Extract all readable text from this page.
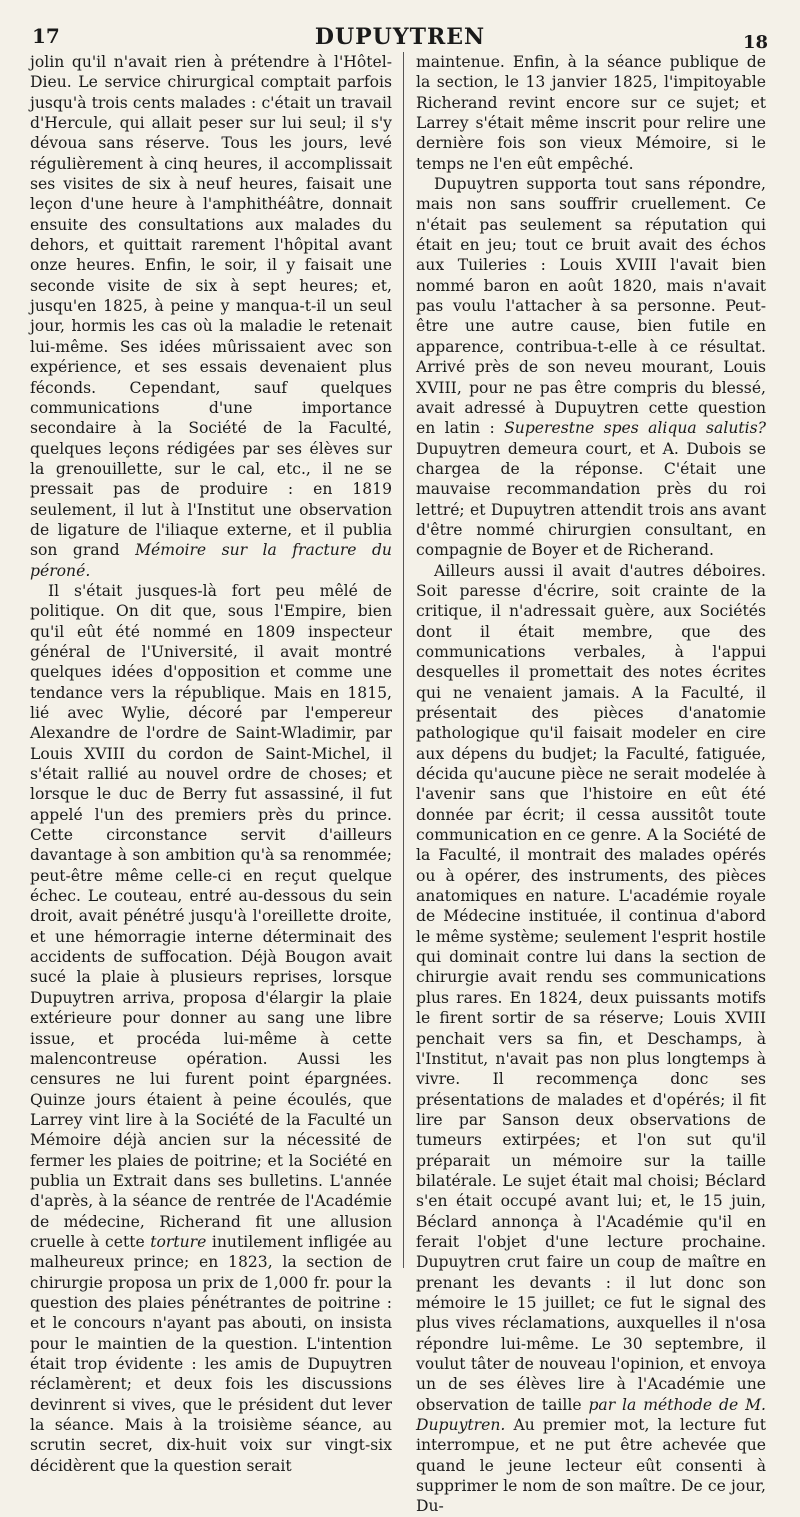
17	DUPUYTREN	18

jolin qu'il n'avait rien à prétendre à l'Hôtel-Dieu. Le service chirurgical comptait parfois jusqu'à trois cents malades : c'était un travail d'Hercule, qui allait peser sur lui seul; il s'y dévoua sans réserve. Tous les jours, levé régulièrement à cinq heures, il accomplissait ses visites de six à neuf heures, faisait une leçon d'une heure à l'amphithéâtre, donnait ensuite des consultations aux malades du dehors, et quittait rarement l'hôpital avant onze heures. Enfin, le soir, il y faisait une seconde visite de six à sept heures; et, jusqu'en 1825, à peine y manqua-t-il un seul jour, hormis les cas où la maladie le retenait lui-même. Ses idées mûrissaient avec son expérience, et ses essais devenaient plus féconds. Cependant, sauf quelques communications d'une importance secondaire à la Société de la Faculté, quelques leçons rédigées par ses élèves sur la grenouillette, sur le cal, etc., il ne se pressait pas de produire : en 1819 seulement, il lut à l'Institut une observation de ligature de l'iliaque externe, et il publia son grand Mémoire sur la fracture du péroné.

Il s'était jusques-là fort peu mêlé de politique. On dit que, sous l'Empire, bien qu'il eût été nommé en 1809 inspecteur général de l'Université, il avait montré quelques idées d'opposition et comme une tendance vers la république. Mais en 1815, lié avec Wylie, décoré par l'empereur Alexandre de l'ordre de Saint-Wladimir, par Louis XVIII du cordon de Saint-Michel, il s'était rallié au nouvel ordre de choses; et lorsque le duc de Berry fut assassiné, il fut appelé l'un des premiers près du prince. Cette circonstance servit d'ailleurs davantage à son ambition qu'à sa renommée; peut-être même celle-ci en reçut quelque échec. Le couteau, entré au-dessous du sein droit, avait pénétré jusqu'à l'oreillette droite, et une hémorragie interne déterminait des accidents de suffocation. Déjà Bougon avait sucé la plaie à plusieurs reprises, lorsque Dupuytren arriva, proposa d'élargir la plaie extérieure pour donner au sang une libre issue, et procéda lui-même à cette malencontreuse opération. Aussi les censures ne lui furent point épargnées. Quinze jours étaient à peine écoulés, que Larrey vint lire à la Société de la Faculté un Mémoire déjà ancien sur la nécessité de fermer les plaies de poitrine; et la Société en publia un Extrait dans ses bulletins. L'année d'après, à la séance de rentrée de l'Académie de médecine, Richerand fit une allusion cruelle à cette torture inutilement infligée au malheureux prince; en 1823, la section de chirurgie proposa un prix de 1,000 fr. pour la question des plaies pénétrantes de poitrine : et le concours n'ayant pas abouti, on insista pour le maintien de la question. L'intention était trop évidente : les amis de Dupuytren réclamèrent; et deux fois les discussions devinrent si vives, que le président dut lever la séance. Mais à la troisième séance, au scrutin secret, dix-huit voix sur vingt-six décidèrent que la question serait

maintenue. Enfin, à la séance publique de la section, le 13 janvier 1825, l'impitoyable Richerand revint encore sur ce sujet; et Larrey s'était même inscrit pour relire une dernière fois son vieux Mémoire, si le temps ne l'en eût empêché.

Dupuytren supporta tout sans répondre, mais non sans souffrir cruellement. Ce n'était pas seulement sa réputation qui était en jeu; tout ce bruit avait des échos aux Tuileries : Louis XVIII l'avait bien nommé baron en août 1820, mais n'avait pas voulu l'attacher à sa personne. Peut-être une autre cause, bien futile en apparence, contribua-t-elle à ce résultat. Arrivé près de son neveu mourant, Louis XVIII, pour ne pas être compris du blessé, avait adressé à Dupuytren cette question en latin : Superestne spes aliqua salutis? Dupuytren demeura court, et A. Dubois se chargea de la réponse. C'était une mauvaise recommandation près du roi lettré; et Dupuytren attendit trois ans avant d'être nommé chirurgien consultant, en compagnie de Boyer et de Richerand.

Ailleurs aussi il avait d'autres déboires. Soit paresse d'écrire, soit crainte de la critique, il n'adressait guère, aux Sociétés dont il était membre, que des communications verbales, à l'appui desquelles il promettait des notes écrites qui ne venaient jamais. A la Faculté, il présentait des pièces d'anatomie pathologique qu'il faisait modeler en cire aux dépens du budjet; la Faculté, fatiguée, décida qu'aucune pièce ne serait modelée à l'avenir sans que l'histoire en eût été donnée par écrit; il cessa aussitôt toute communication en ce genre. A la Société de la Faculté, il montrait des malades opérés ou à opérer, des instruments, des pièces anatomiques en nature. L'académie royale de Médecine instituée, il continua d'abord le même système; seulement l'esprit hostile qui dominait contre lui dans la section de chirurgie avait rendu ses communications plus rares. En 1824, deux puissants motifs le firent sortir de sa réserve; Louis XVIII penchait vers sa fin, et Deschamps, à l'Institut, n'avait pas non plus longtemps à vivre. Il recommença donc ses présentations de malades et d'opérés; il fit lire par Sanson deux observations de tumeurs extirpées; et l'on sut qu'il préparait un mémoire sur la taille bilatérale. Le sujet était mal choisi; Béclard s'en était occupé avant lui; et, le 15 juin, Béclard annonça à l'Académie qu'il en ferait l'objet d'une lecture prochaine. Dupuytren crut faire un coup de maître en prenant les devants : il lut donc son mémoire le 15 juillet; ce fut le signal des plus vives réclamations, auxquelles il n'osa répondre lui-même. Le 30 septembre, il voulut tâter de nouveau l'opinion, et envoya un de ses élèves lire à l'Académie une observation de taille par la méthode de M. Dupuytren. Au premier mot, la lecture fut interrompue, et ne put être achevée que quand le jeune lecteur eût consenti à supprimer le nom de son maître. De ce jour, Du-
